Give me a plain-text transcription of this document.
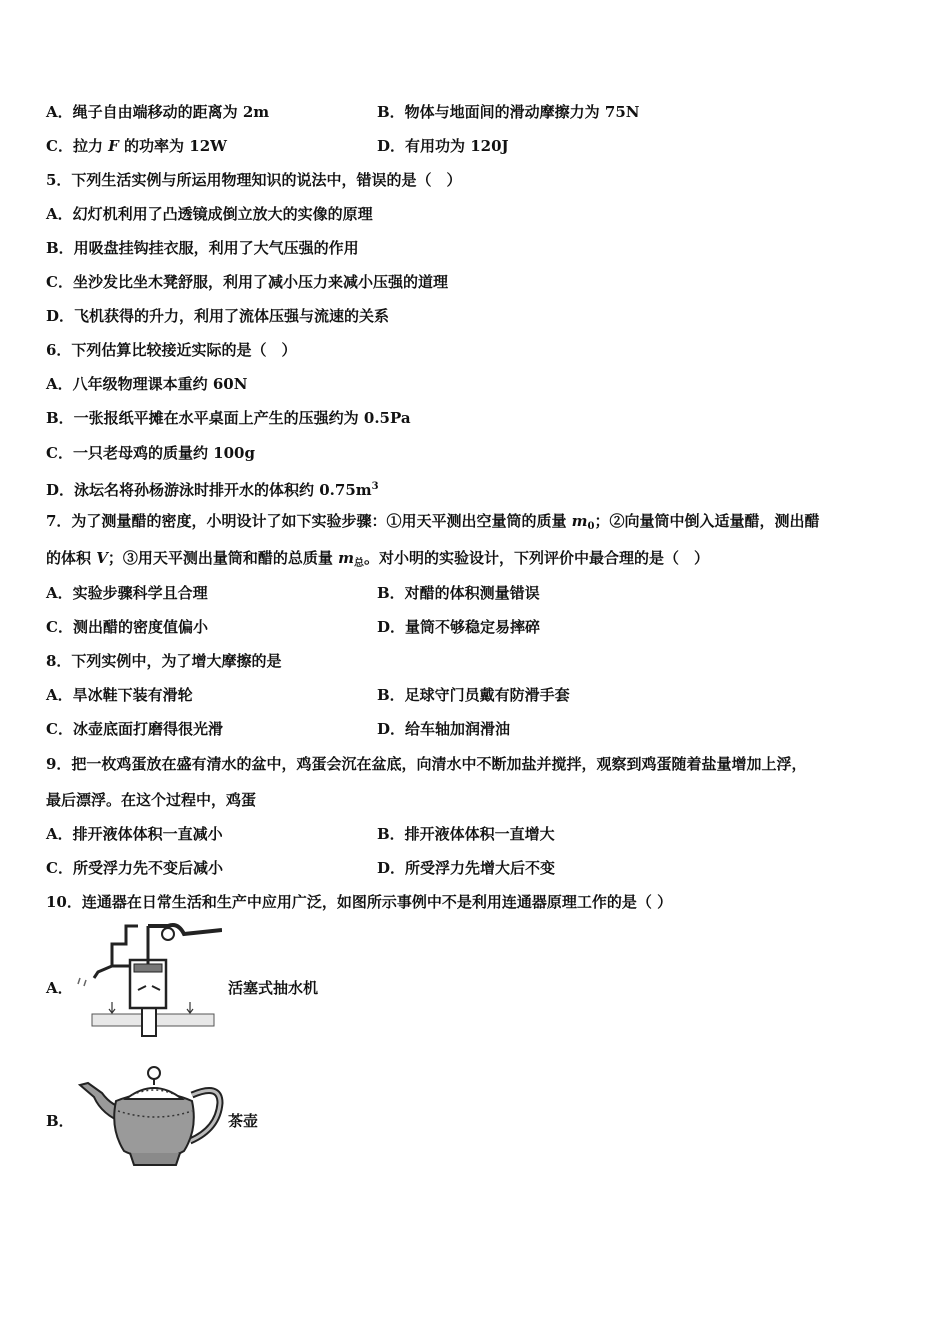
A．绳子自由端移动的距离为 2m	B．物体与地面间的滑动摩擦力为 75N
C．拉力 F 的功率为 12W	D．有用功为 120J
5．下列生活实例与所运用物理知识的说法中，错误的是（　）
A．幻灯机利用了凸透镜成倒立放大的实像的原理
B．用吸盘挂钩挂衣服，利用了大气压强的作用
C．坐沙发比坐木凳舒服，利用了减小压力来减小压强的道理
D．飞机获得的升力，利用了流体压强与流速的关系
6．下列估算比较接近实际的是（　）
A．八年级物理课本重约 60N
B．一张报纸平摊在水平桌面上产生的压强约为 0.5Pa
C．一只老母鸡的质量约 100g
D．泳坛名将孙杨游泳时排开水的体积约 $0.75m^3$
7．为了测量醋的密度，小明设计了如下实验步骤：①用天平测出空量筒的质量 $m_0$；②向量筒中倒入适量醋，测出醋
的体积 V；③用天平测出量筒和醋的总质量 $m_总$。对小明的实验设计，下列评价中最合理的是（　）
A．实验步骤科学且合理	B．对醋的体积测量错误
C．测出醋的密度值偏小	D．量筒不够稳定易摔碎
8．下列实例中，为了增大摩擦的是
A．旱冰鞋下装有滑轮	B．足球守门员戴有防滑手套
C．冰壶底面打磨得很光滑	D．给车轴加润滑油
9．把一枚鸡蛋放在盛有清水的盆中，鸡蛋会沉在盆底，向清水中不断加盐并搅拌，观察到鸡蛋随着盐量增加上浮，
最后漂浮。在这个过程中，鸡蛋
A．排开液体体积一直减小	B．排开液体体积一直增大
C．所受浮力先不变后减小	D．所受浮力先增大后不变
10．连通器在日常生活和生产中应用广泛，如图所示事例中不是利用连通器原理工作的是（ ）
A．	活塞式抽水机
B．	茶壶
